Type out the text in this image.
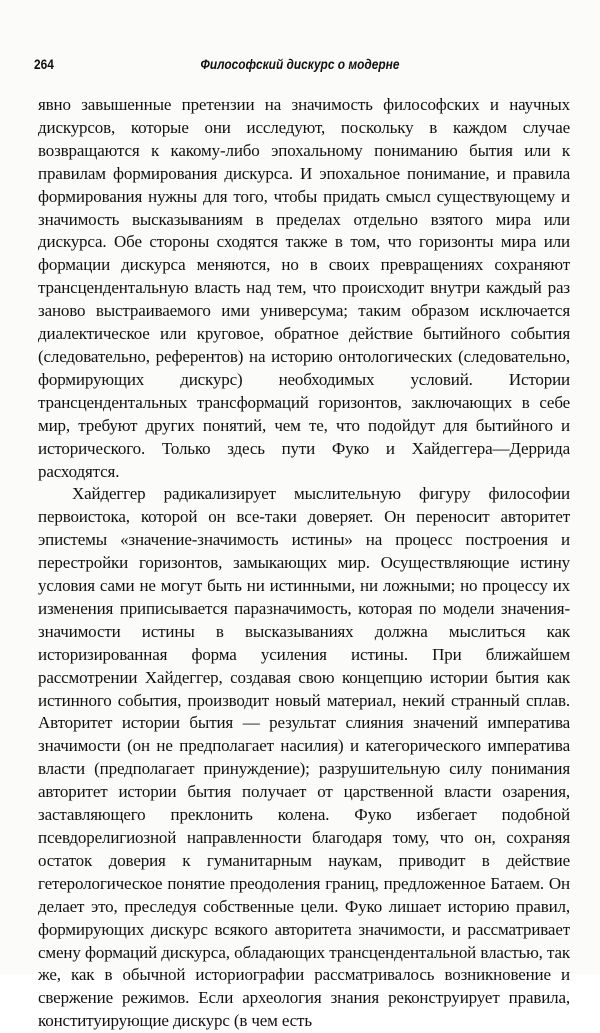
264	Философский дискурс о модерне

явно завышенные претензии на значимость философских и научных дискурсов, которые они исследуют, поскольку в каждом случае возвращаются к какому-либо эпохальному пониманию бытия или к правилам формирования дискурса. И эпохальное понимание, и правила формирования нужны для того, чтобы придать смысл существующему и значимость высказываниям в пределах отдельно взятого мира или дискурса. Обе стороны сходятся также в том, что горизонты мира или формации дискурса меняются, но в своих превращениях сохраняют трансцендентальную власть над тем, что происходит внутри каждый раз заново выстраиваемого ими универсума; таким образом исключается диалектическое или круговое, обратное действие бытийного события (следовательно, референтов) на историю онтологических (следовательно, формирующих дискурс) необходимых условий. Истории трансцендентальных трансформаций горизонтов, заключающих в себе мир, требуют других понятий, чем те, что подойдут для бытийного и исторического. Только здесь пути Фуко и Хайдеггера—Деррида расходятся.

Хайдеггер радикализирует мыслительную фигуру философии первоистока, которой он все-таки доверяет. Он переносит авторитет эпистемы «значение-значимость истины» на процесс построения и перестройки горизонтов, замыкающих мир. Осуществляющие истину условия сами не могут быть ни истинными, ни ложными; но процессу их изменения приписывается паразначимость, которая по модели значения-значимости истины в высказываниях должна мыслиться как историзированная форма усиления истины. При ближайшем рассмотрении Хайдеггер, создавая свою концепцию истории бытия как истинного события, производит новый материал, некий странный сплав. Авторитет истории бытия — результат слияния значений императива значимости (он не предполагает насилия) и категорического императива власти (предполагает принуждение); разрушительную силу понимания авторитет истории бытия получает от царственной власти озарения, заставляющего преклонить колена. Фуко избегает подобной псевдорелигиозной направленности благодаря тому, что он, сохраняя остаток доверия к гуманитарным наукам, приводит в действие гетерологическое понятие преодоления границ, предложенное Батаем. Он делает это, преследуя собственные цели. Фуко лишает историю правил, формирующих дискурс всякого авторитета значимости, и рассматривает смену формаций дискурса, обладающих трансцендентальной властью, так же, как в обычной историографии рассматривалось возникновение и свержение режимов. Если археология знания реконструирует правила, конституирующие дискурс (в чем есть
